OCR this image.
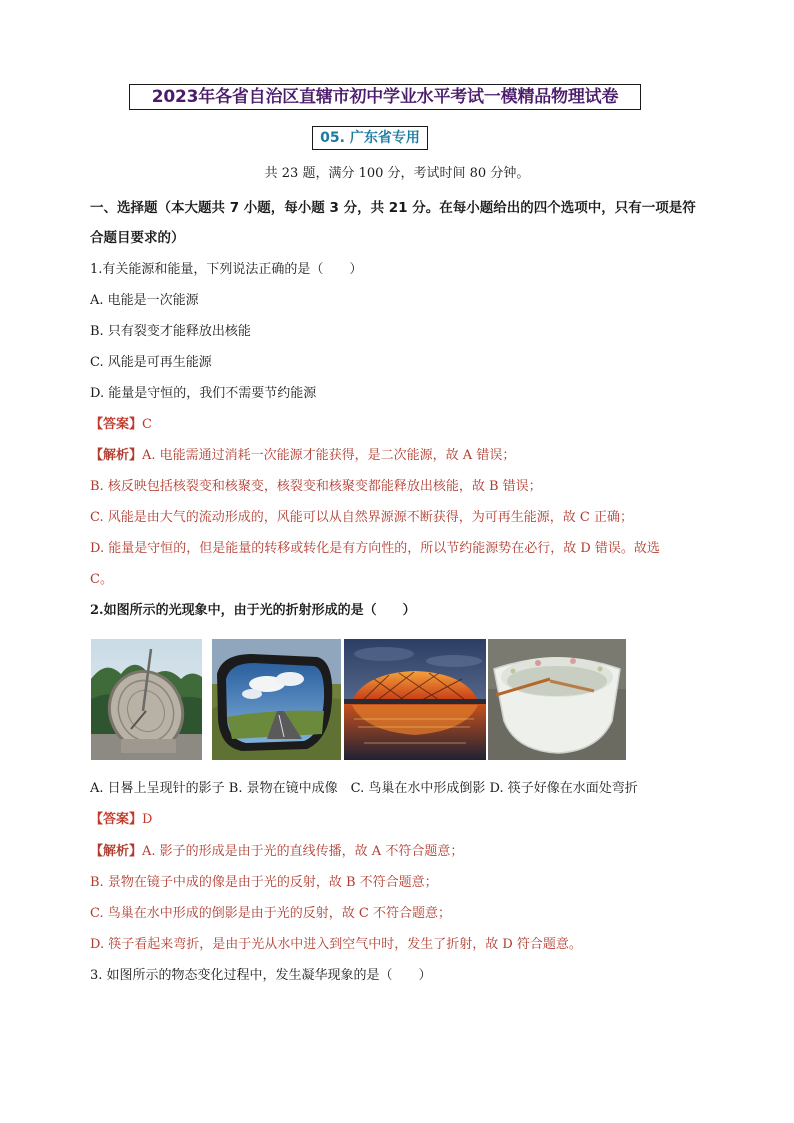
2023年各省自治区直辖市初中学业水平考试一模精品物理试卷
05. 广东省专用
共 23 题，满分 100 分，考试时间 80 分钟。
一、选择题（本大题共 7 小题，每小题 3 分，共 21 分。在每小题给出的四个选项中，只有一项是符
合题目要求的）
1.有关能源和能量，下列说法正确的是（　　）
A. 电能是一次能源
B. 只有裂变才能释放出核能
C. 风能是可再生能源
D. 能量是守恒的，我们不需要节约能源
【答案】C
【解析】A. 电能需通过消耗一次能源才能获得，是二次能源，故 A 错误；
B. 核反映包括核裂变和核聚变，核裂变和核聚变都能释放出核能，故 B 错误；
C. 风能是由大气的流动形成的，风能可以从自然界源源不断获得，为可再生能源，故 C 正确；
D. 能量是守恒的，但是能量的转移或转化是有方向性的，所以节约能源势在必行，故 D 错误。故选
C。
2.如图所示的光现象中，由于光的折射形成的是（　　）
A. 日晷上呈现针的影子 B. 景物在镜中成像　C. 鸟巢在水中形成倒影 D. 筷子好像在水面处弯折
【答案】D
【解析】A. 影子的形成是由于光的直线传播，故 A 不符合题意；
B. 景物在镜子中成的像是由于光的反射，故 B 不符合题意；
C. 鸟巢在水中形成的倒影是由于光的反射，故 C 不符合题意；
D. 筷子看起来弯折，是由于光从水中进入到空气中时，发生了折射，故 D 符合题意。
3. 如图所示的物态变化过程中，发生凝华现象的是（　　）
